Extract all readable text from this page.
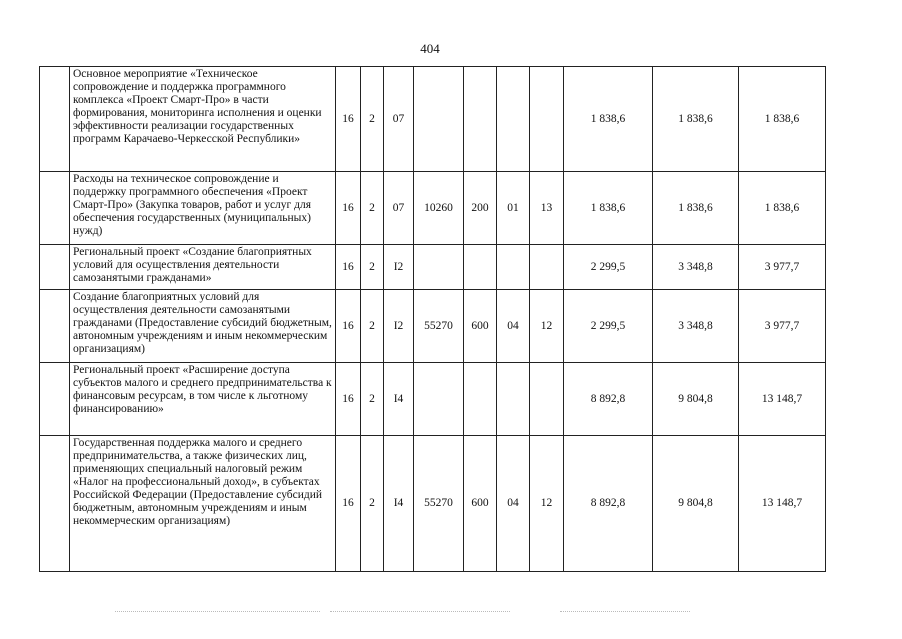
404
	Основное мероприятие «Техническое сопровождение и поддержка программного комплекса «Проект Смарт-Про» в части формирования, мониторинга исполнения и оценки эффективности реализации государственных программ Карачаево-Черкесской Республики»	16	2	07					1 838,6	1 838,6	1 838,6
	Расходы на техническое сопровождение и поддержку программного обеспечения «Проект Смарт-Про» (Закупка товаров, работ и услуг для обеспечения государственных (муниципальных) нужд)	16	2	07	10260	200	01	13	1 838,6	1 838,6	1 838,6
	Региональный проект «Создание благоприятных условий для осуществления деятельности самозанятыми гражданами»	16	2	I2					2 299,5	3 348,8	3 977,7
	Создание благоприятных условий для осуществления деятельности самозанятыми гражданами (Предоставление субсидий бюджетным, автономным учреждениям и иным некоммерческим организациям)	16	2	I2	55270	600	04	12	2 299,5	3 348,8	3 977,7
	Региональный проект «Расширение доступа субъектов малого и среднего предпринимательства к финансовым ресурсам, в том числе к льготному финансированию»	16	2	I4					8 892,8	9 804,8	13 148,7
	Государственная поддержка малого и среднего предпринимательства, а также физических лиц, применяющих специальный налоговый режим «Налог на профессиональный доход», в субъектах Российской Федерации (Предоставление субсидий бюджетным, автономным учреждениям и иным некоммерческим организациям)	16	2	I4	55270	600	04	12	8 892,8	9 804,8	13 148,7
